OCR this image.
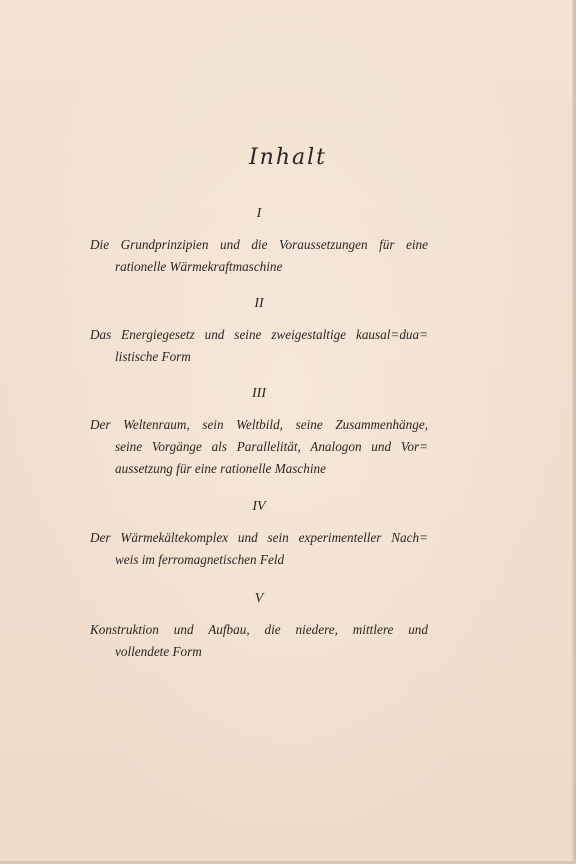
Inhalt
I
Die Grundprinzipien und die Voraussetzungen für eine
rationelle Wärmekraftmaschine
II
Das Energiegesetz und seine zweigestaltige kausal=dua=
listische Form
III
Der Weltenraum, sein Weltbild, seine Zusammenhänge,
seine Vorgänge als Parallelität, Analogon und Vor=
aussetzung für eine rationelle Maschine
IV
Der Wärmekältekomplex und sein experimenteller Nach=
weis im ferromagnetischen Feld
V
Konstruktion und Aufbau, die niedere, mittlere und
vollendete Form
